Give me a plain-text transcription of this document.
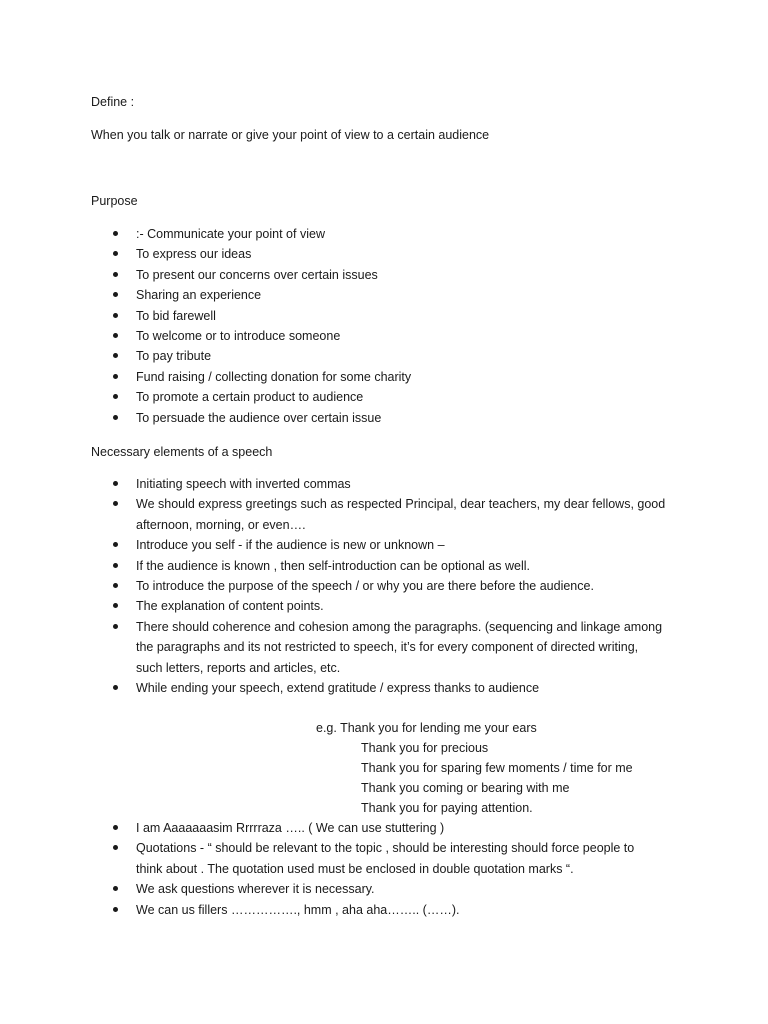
Define :
When you talk or narrate or give your point of view to a certain audience
Purpose
:- Communicate your point of view
To express our ideas
To present our concerns over certain issues
Sharing an experience
To bid farewell
To welcome or to introduce someone
To pay tribute
Fund raising / collecting donation for some charity
To promote a certain product to audience
To persuade the audience over certain issue
Necessary elements of a speech
Initiating speech with inverted commas
We should express greetings such as respected Principal, dear teachers, my dear fellows, good
afternoon, morning, or even….
Introduce you self - if the audience is new or unknown –
If the audience is known , then self-introduction can be optional as well.
To introduce the purpose of the speech / or why you are there before the audience.
The explanation of content points.
There should coherence and cohesion among the paragraphs. (sequencing and linkage among
the paragraphs and its not restricted to speech, it’s for every component of directed writing,
such letters, reports and articles, etc.
While ending your speech, extend gratitude / express thanks to audience
e.g. Thank you for lending me your ears
Thank you for precious
Thank you for sparing few moments / time for me
Thank you coming or bearing with me
Thank you for paying attention.
I am Aaaaaaasim Rrrrraza ….. ( We can use stuttering )
Quotations - “ should be relevant to the topic , should be interesting should force people to
think about . The quotation used must be enclosed in double quotation marks “.
We ask questions wherever it is necessary.
We can us fillers ……………., hmm , aha aha…….. (……).
